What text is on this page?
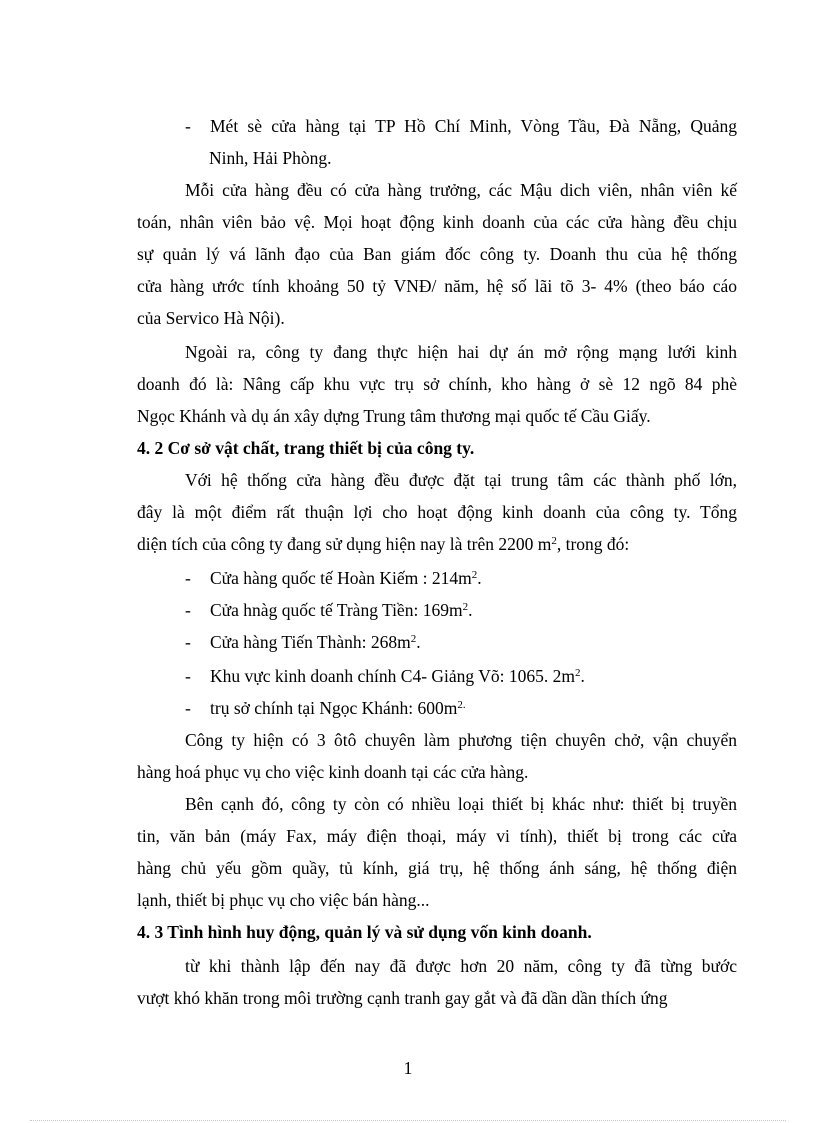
- Mét sè cửa hàng tại TP Hồ Chí Minh, Vòng Tầu, Đà Nẵng, Quảng
Ninh, Hải Phòng.
Mỗi cửa hàng đều có cửa hàng trưởng, các Mậu dich viên, nhân viên kế
toán, nhân viên bảo vệ. Mọi hoạt động kinh doanh của các cửa hàng đều chịu
sự quản lý vá lãnh đạo của Ban giám đốc công ty. Doanh thu của hệ thống
cửa hàng ưrớc tính khoảng 50 tỷ VNĐ/ năm, hệ số lãi tõ 3- 4% (theo báo cáo
của Servico Hà Nội).
Ngoài ra, công ty đang thực hiện hai dự án mở rộng mạng lưới kinh
doanh đó là: Nâng cấp khu vực trụ sở chính, kho hàng ở sè 12 ngõ 84 phè
Ngọc Khánh và dụ án xây dựng Trung tâm thương mại quốc tế Cầu Giấy.
4. 2 Cơ sở vật chất, trang thiết bị của công ty.
Với hệ thống cửa hàng đều được đặt tại trung tâm các thành phố lớn,
đây là một điểm rất thuận lợi cho hoạt động kinh doanh của công ty. Tổng
diện tích của công ty đang sử dụng hiện nay là trên 2200 $m^2$, trong đó:
- Cửa hàng quốc tế Hoàn Kiếm : $214m^2$.
- Cửa hnàg quốc tế Tràng Tiền: $169m^2$.
- Cửa hàng Tiến Thành: $268m^2$.
- Khu vực kinh doanh chính C4- Giảng Võ: 1065. $2m^2$.
- trụ sở chính tại Ngọc Khánh: $600m^{2.}$
Công ty hiện có 3 ôtô chuyên làm phương tiện chuyên chở, vận chuyển
hàng hoá phục vụ cho việc kinh doanh tại các cửa hàng.
Bên cạnh đó, công ty còn có nhiều loại thiết bị khác như: thiết bị truyền
tin, văn bản (máy Fax, máy điện thoại, máy vi tính), thiết bị trong các cửa
hàng chủ yếu gồm quầy, tủ kính, giá trụ, hệ thống ánh sáng, hệ thống điện
lạnh, thiết bị phục vụ cho việc bán hàng...
4. 3 Tình hình huy động, quản lý và sử dụng vốn kinh doanh.
từ khi thành lập đến nay đã được hơn 20 năm, công ty đã từng bước
vượt khó khăn trong môi trường cạnh tranh gay gắt và đã dần dần thích ứng
1
